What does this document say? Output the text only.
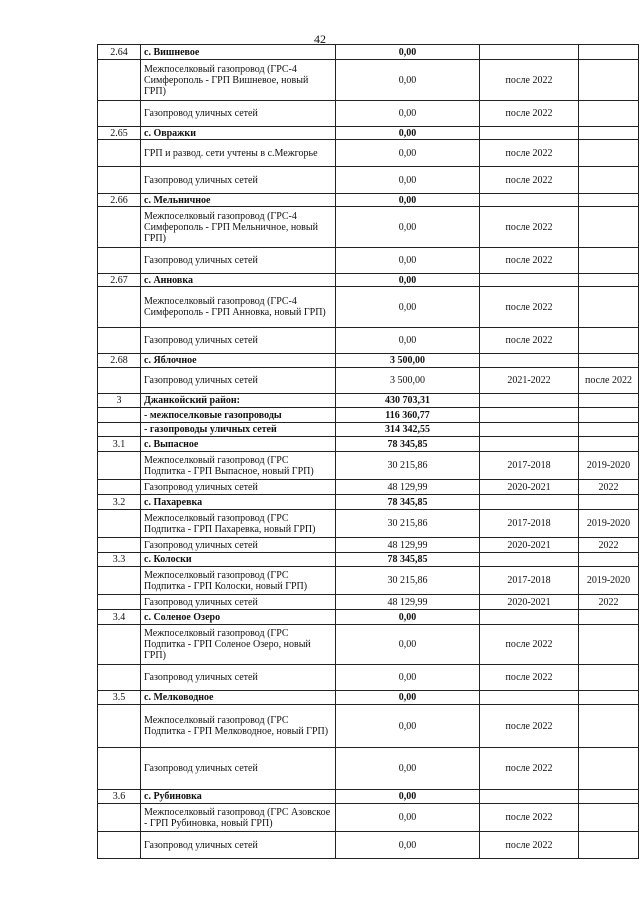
42
2.64	с. Вишневое	0,00		
	Межпоселковый газопровод (ГРС-4 Симферополь - ГРП Вишневое, новый ГРП)	0,00	после 2022	
	Газопровод уличных сетей	0,00	после 2022	
2.65	с. Овражки	0,00		
	ГРП и развод. сети учтены в с.Межгорье	0,00	после 2022	
	Газопровод уличных сетей	0,00	после 2022	
2.66	с. Мельничное	0,00		
	Межпоселковый газопровод (ГРС-4 Симферополь - ГРП Мельничное, новый ГРП)	0,00	после 2022	
	Газопровод уличных сетей	0,00	после 2022	
2.67	с. Анновка	0,00		
	Межпоселковый газопровод (ГРС-4 Симферополь - ГРП Анновка, новый ГРП)	0,00	после 2022	
	Газопровод уличных сетей	0,00	после 2022	
2.68	с. Яблочное	3 500,00		
	Газопровод уличных сетей	3 500,00	2021-2022	после 2022
3	Джанкойский район:	430 703,31		
	- межпоселковые газопроводы	116 360,77		
	- газопроводы уличных сетей	314 342,55		
3.1	с. Выпасное	78 345,85		
	Межпоселковый газопровод (ГРС Подпитка - ГРП Выпасное, новый ГРП)	30 215,86	2017-2018	2019-2020
	Газопровод уличных сетей	48 129,99	2020-2021	2022
3.2	с. Пахаревка	78 345,85		
	Межпоселковый газопровод (ГРС Подпитка - ГРП Пахаревка, новый ГРП)	30 215,86	2017-2018	2019-2020
	Газопровод уличных сетей	48 129,99	2020-2021	2022
3.3	с. Колоски	78 345,85		
	Межпоселковый газопровод (ГРС Подпитка - ГРП Колоски, новый ГРП)	30 215,86	2017-2018	2019-2020
	Газопровод уличных сетей	48 129,99	2020-2021	2022
3.4	с. Соленое Озеро	0,00		
	Межпоселковый газопровод (ГРС Подпитка - ГРП Соленое Озеро, новый ГРП)	0,00	после 2022	
	Газопровод уличных сетей	0,00	после 2022	
3.5	с. Мелководное	0,00		
	Межпоселковый газопровод (ГРС Подпитка - ГРП Мелководное, новый ГРП)	0,00	после 2022	
	Газопровод уличных сетей	0,00	после 2022	
3.6	с. Рубиновка	0,00		
	Межпоселковый газопровод (ГРС Азовское - ГРП Рубиновка, новый ГРП)	0,00	после 2022	
	Газопровод уличных сетей	0,00	после 2022	
